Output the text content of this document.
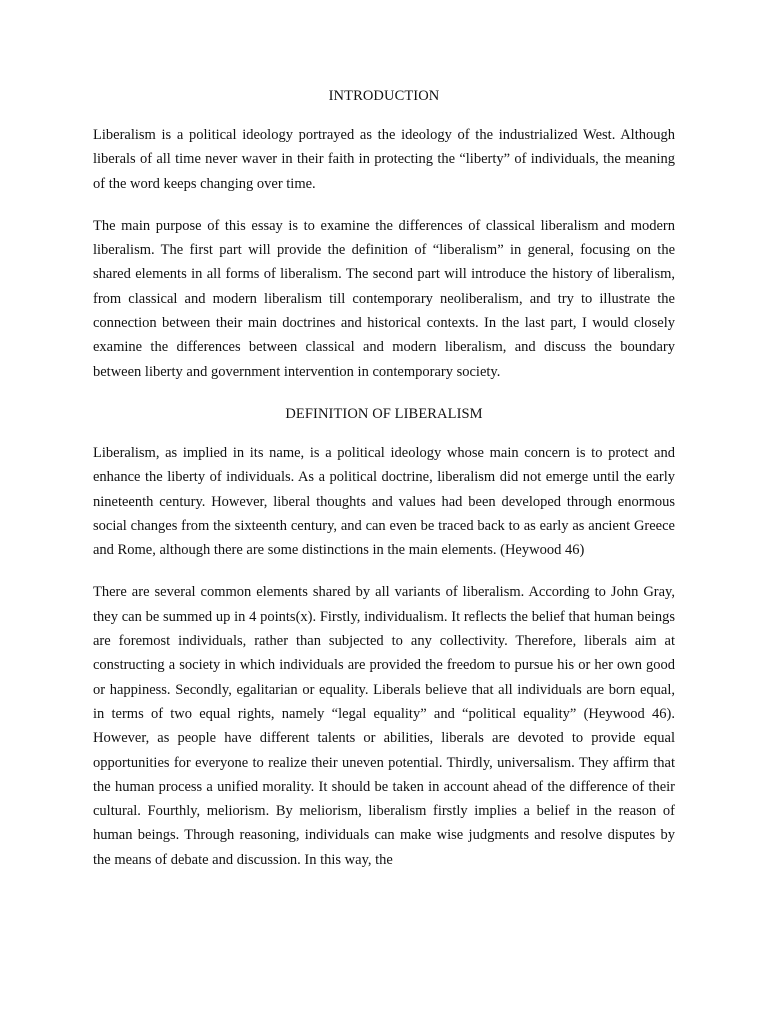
INTRODUCTION

Liberalism is a political ideology portrayed as the ideology of the industrialized West. Although liberals of all time never waver in their faith in protecting the “liberty” of individuals, the meaning of the word keeps changing over time.

The main purpose of this essay is to examine the differences of classical liberalism and modern liberalism. The first part will provide the definition of “liberalism” in general, focusing on the shared elements in all forms of liberalism. The second part will introduce the history of liberalism, from classical and modern liberalism till contemporary neoliberalism, and try to illustrate the connection between their main doctrines and historical contexts. In the last part, I would closely examine the differences between classical and modern liberalism, and discuss the boundary between liberty and government intervention in contemporary society.

DEFINITION OF LIBERALISM

Liberalism, as implied in its name, is a political ideology whose main concern is to protect and enhance the liberty of individuals. As a political doctrine, liberalism did not emerge until the early nineteenth century. However, liberal thoughts and values had been developed through enormous social changes from the sixteenth century, and can even be traced back to as early as ancient Greece and Rome, although there are some distinctions in the main elements. (Heywood 46)

There are several common elements shared by all variants of liberalism. According to John Gray, they can be summed up in 4 points(x). Firstly, individualism. It reflects the belief that human beings are foremost individuals, rather than subjected to any collectivity. Therefore, liberals aim at constructing a society in which individuals are provided the freedom to pursue his or her own good or happiness. Secondly, egalitarian or equality. Liberals believe that all individuals are born equal, in terms of two equal rights, namely “legal equality” and “political equality” (Heywood 46). However, as people have different talents or abilities, liberals are devoted to provide equal opportunities for everyone to realize their uneven potential. Thirdly, universalism. They affirm that the human process a unified morality. It should be taken in account ahead of the difference of their cultural. Fourthly, meliorism. By meliorism, liberalism firstly implies a belief in the reason of human beings. Through reasoning, individuals can make wise judgments and resolve disputes by the means of debate and discussion. In this way, the
